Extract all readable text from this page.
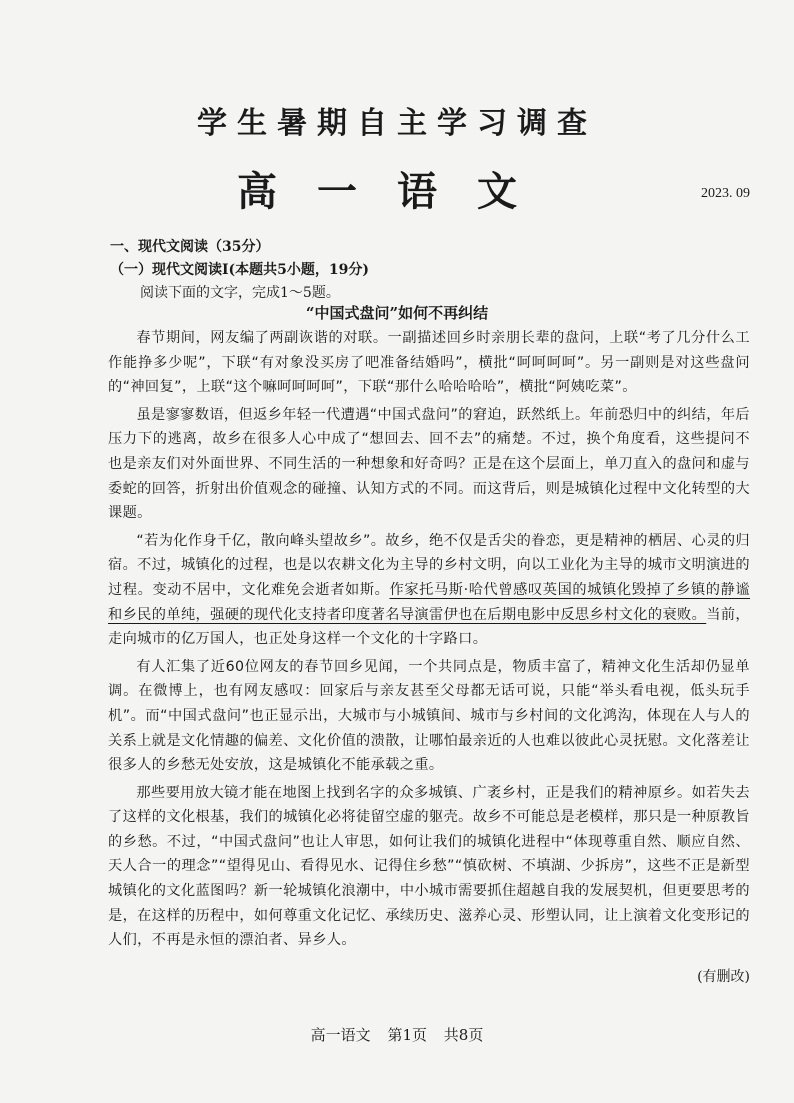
学生暑期自主学习调查
高一语文	2023. 09
一、现代文阅读（35分）
（一）现代文阅读Ⅰ(本题共5小题，19分)
阅读下面的文字，完成1～5题。
“中国式盘问”如何不再纠结

春节期间，网友编了两副诙谐的对联。一副描述回乡时亲朋长辈的盘问，上联“考了几分什么工作能挣多少呢”，下联“有对象没买房了吧准备结婚吗”，横批“呵呵呵呵”。另一副则是对这些盘问的“神回复”，上联“这个嘛呵呵呵呵”，下联“那什么哈哈哈哈”，横批“阿姨吃菜”。

虽是寥寥数语，但返乡年轻一代遭遇“中国式盘问”的窘迫，跃然纸上。年前恐归中的纠结，年后压力下的逃离，故乡在很多人心中成了“想回去、回不去”的痛楚。不过，换个角度看，这些提问不也是亲友们对外面世界、不同生活的一种想象和好奇吗？正是在这个层面上，单刀直入的盘问和虚与委蛇的回答，折射出价值观念的碰撞、认知方式的不同。而这背后，则是城镇化过程中文化转型的大课题。

“若为化作身千亿，散向峰头望故乡”。故乡，绝不仅是舌尖的眷恋，更是精神的栖居、心灵的归宿。不过，城镇化的过程，也是以农耕文化为主导的乡村文明，向以工业化为主导的城市文明演进的过程。变动不居中，文化难免会逝者如斯。作家托马斯·哈代曾感叹英国的城镇化毁掉了乡镇的静谧和乡民的单纯，强硬的现代化支持者印度著名导演雷伊也在后期电影中反思乡村文化的衰败。当前，走向城市的亿万国人，也正处身这样一个文化的十字路口。

有人汇集了近60位网友的春节回乡见闻，一个共同点是，物质丰富了，精神文化生活却仍显单调。在微博上，也有网友感叹：回家后与亲友甚至父母都无话可说，只能“举头看电视，低头玩手机”。而“中国式盘问”也正显示出，大城市与小城镇间、城市与乡村间的文化鸿沟，体现在人与人的关系上就是文化情趣的偏差、文化价值的溃散，让哪怕最亲近的人也难以彼此心灵抚慰。文化落差让很多人的乡愁无处安放，这是城镇化不能承载之重。

那些要用放大镜才能在地图上找到名字的众多城镇、广袤乡村，正是我们的精神原乡。如若失去了这样的文化根基，我们的城镇化必将徒留空虚的躯壳。故乡不可能总是老模样，那只是一种原教旨的乡愁。不过，“中国式盘问”也让人审思，如何让我们的城镇化进程中“体现尊重自然、顺应自然、天人合一的理念”“望得见山、看得见水、记得住乡愁”“慎砍树、不填湖、少拆房”，这些不正是新型城镇化的文化蓝图吗？新一轮城镇化浪潮中，中小城市需要抓住超越自我的发展契机，但更要思考的是，在这样的历程中，如何尊重文化记忆、承续历史、滋养心灵、形塑认同，让上演着文化变形记的人们，不再是永恒的漂泊者、异乡人。

(有删改)
高一语文 第1页 共8页
